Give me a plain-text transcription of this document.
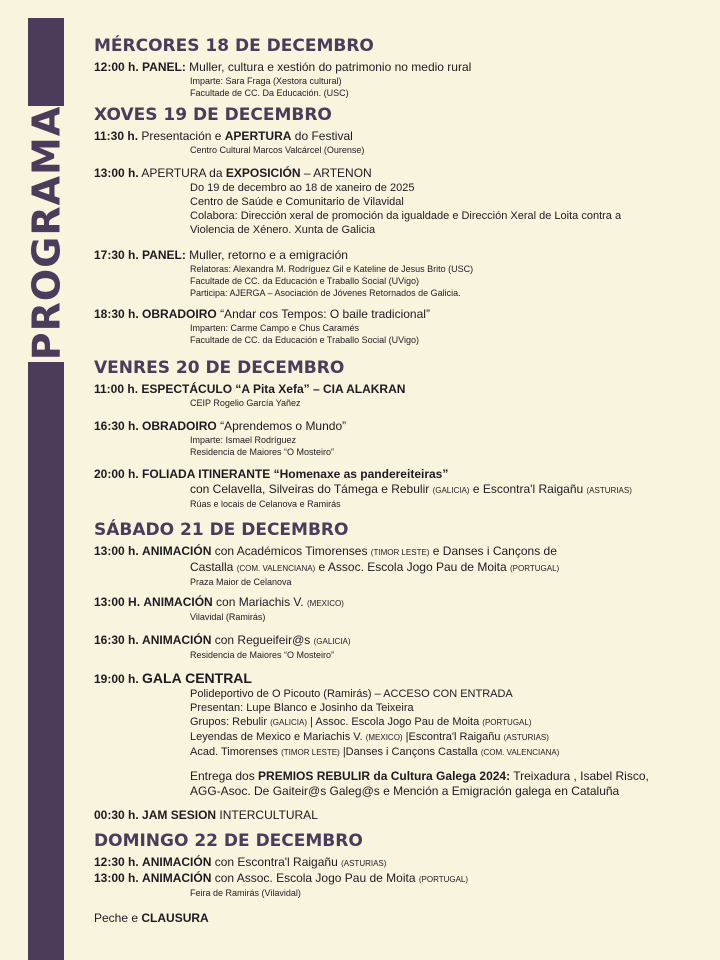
PROGRAMA
MÉRCORES 18 DE DECEMBRO
12:00 h. PANEL: Muller, cultura e xestión do patrimonio no medio rural
Imparte: Sara Fraga (Xestora cultural)
Facultade de CC. Da Educación. (USC)
XOVES 19 DE DECEMBRO
11:30 h. Presentación e APERTURA do Festival
Centro Cultural Marcos Valcárcel (Ourense)
13:00 h. APERTURA da EXPOSICIÓN – ARTENON
Do 19 de decembro ao 18 de xaneiro de 2025
Centro de Saúde e Comunitario de Vilavidal
Colabora: Dirección xeral de promoción da igualdade e Dirección Xeral de Loita contra a
Violencia de Xénero. Xunta de Galicia
17:30 h. PANEL: Muller, retorno e a emigración
Relatoras: Alexandra M. Rodríguez Gil e Kateline de Jesus Brito (USC)
Facultade de CC. da Educación e Traballo Social (UVigo)
Participa: AJERGA – Asociación de Jóvenes Retornados de Galicia.
18:30 h. OBRADOIRO “Andar cos Tempos: O baile tradicional”
Imparten: Carme Campo e Chus Caramés
Facultade de CC. da Educación e Traballo Social (UVigo)
VENRES 20 DE DECEMBRO
11:00 h. ESPECTÁCULO “A Pita Xefa” – CIA ALAKRAN
CEIP Rogelio García Yañez
16:30 h. OBRADOIRO “Aprendemos o Mundo”
Imparte: Ismael Rodríguez
Residencia de Maiores “O Mosteiro”
20:00 h. FOLIADA ITINERANTE “Homenaxe as pandereiteiras”
con Celavella, Silveiras do Támega e Rebulir (GALICIA) e Escontra'l Raigañu (ASTURIAS)
Rúas e locais de Celanova e Ramirás
SÁBADO 21 DE DECEMBRO
13:00 h. ANIMACIÓN con Académicos Timorenses (TIMOR LESTE) e Danses i Cançons de
Castalla (COM. VALENCIANA) e Assoc. Escola Jogo Pau de Moita (PORTUGAL)
Praza Maior de Celanova
13:00 H. ANIMACIÓN con Mariachis V. (MEXICO)
Vilavidal (Ramirás)
16:30 h. ANIMACIÓN con Regueifeir@s (GALICIA)
Residencia de Maiores “O Mosteiro”
19:00 h. GALA CENTRAL
Polideportivo de O Picouto (Ramirás) – ACCESO CON ENTRADA
Presentan: Lupe Blanco e Josinho da Teixeira
Grupos: Rebulir (GALICIA) | Assoc. Escola Jogo Pau de Moita (PORTUGAL)
Leyendas de Mexico e Mariachis V. (MEXICO) |Escontra'l Raigañu (ASTURIAS)
Acad. Timorenses (TIMOR LESTE) |Danses i Cançons Castalla (COM. VALENCIANA)
Entrega dos PREMIOS REBULIR da Cultura Galega 2024: Treixadura , Isabel Risco,
AGG-Asoc. De Gaiteir@s Galeg@s e Mención a Emigración galega en Cataluña
00:30 h. JAM SESION INTERCULTURAL
DOMINGO 22 DE DECEMBRO
12:30 h. ANIMACIÓN con Escontra'l Raigañu (ASTURIAS)
13:00 h. ANIMACIÓN con Assoc. Escola Jogo Pau de Moita (PORTUGAL)
Feira de Ramirás (Vilavidal)
Peche e CLAUSURA
